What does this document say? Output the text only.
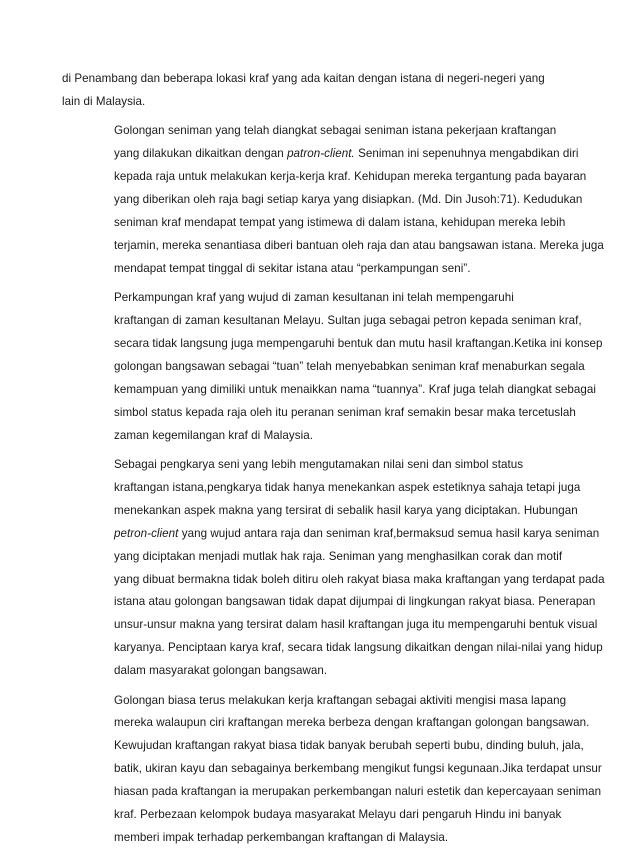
di Penambang dan beberapa lokasi kraf yang ada kaitan dengan istana di negeri-negeri yang
lain di Malaysia.
Golongan seniman yang telah diangkat sebagai seniman istana pekerjaan kraftangan
yang dilakukan dikaitkan dengan patron-client. Seniman ini sepenuhnya mengabdikan diri
kepada raja untuk melakukan kerja-kerja kraf. Kehidupan mereka tergantung pada bayaran
yang diberikan oleh raja bagi setiap karya yang disiapkan. (Md. Din Jusoh:71). Kedudukan
seniman kraf mendapat tempat yang istimewa di dalam istana, kehidupan mereka lebih
terjamin, mereka senantiasa diberi bantuan oleh raja dan atau bangsawan istana. Mereka juga
mendapat tempat tinggal di sekitar istana atau “perkampungan seni”.
Perkampungan kraf yang wujud di zaman kesultanan ini telah mempengaruhi
kraftangan di zaman kesultanan Melayu. Sultan juga sebagai petron kepada seniman kraf,
secara tidak langsung juga mempengaruhi bentuk dan mutu hasil kraftangan.Ketika ini konsep
golongan bangsawan sebagai “tuan” telah menyebabkan seniman kraf menaburkan segala
kemampuan yang dimiliki untuk menaikkan nama “tuannya”. Kraf juga telah diangkat sebagai
simbol status kepada raja oleh itu peranan seniman kraf semakin besar maka tercetuslah
zaman kegemilangan kraf di Malaysia.
Sebagai pengkarya seni yang lebih mengutamakan nilai seni dan simbol status
kraftangan istana,pengkarya tidak hanya menekankan aspek estetiknya sahaja tetapi juga
menekankan aspek makna yang tersirat di sebalik hasil karya yang diciptakan. Hubungan
petron-client yang wujud antara raja dan seniman kraf,bermaksud semua hasil karya seniman
yang diciptakan menjadi mutlak hak raja. Seniman yang menghasilkan corak dan motif
yang dibuat bermakna tidak boleh ditiru oleh rakyat biasa maka kraftangan yang terdapat pada
istana atau golongan bangsawan tidak dapat dijumpai di lingkungan rakyat biasa. Penerapan
unsur-unsur makna yang tersirat dalam hasil kraftangan juga itu mempengaruhi bentuk visual
karyanya. Penciptaan karya kraf, secara tidak langsung dikaitkan dengan nilai-nilai yang hidup
dalam masyarakat golongan bangsawan.
Golongan biasa terus melakukan kerja kraftangan sebagai aktiviti mengisi masa lapang
mereka walaupun ciri kraftangan mereka berbeza dengan kraftangan golongan bangsawan.
Kewujudan kraftangan rakyat biasa tidak banyak berubah seperti bubu, dinding buluh, jala,
batik, ukiran kayu dan sebagainya berkembang mengikut fungsi kegunaan.Jika terdapat unsur
hiasan pada kraftangan ia merupakan perkembangan naluri estetik dan kepercayaan seniman
kraf. Perbezaan kelompok budaya masyarakat Melayu dari pengaruh Hindu ini banyak
memberi impak terhadap perkembangan kraftangan di Malaysia.
